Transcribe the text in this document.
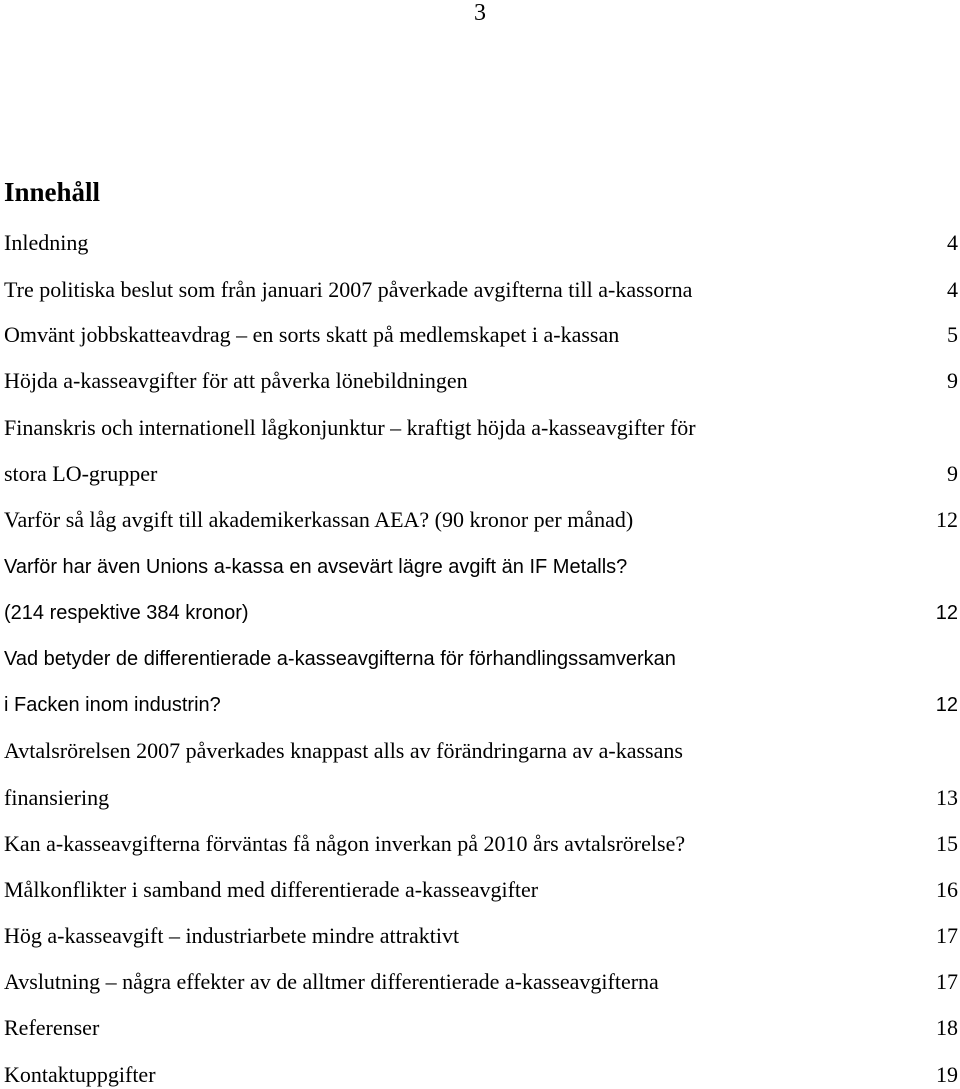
3
Innehåll
Inledning	4
Tre politiska beslut som från januari 2007 påverkade avgifterna till a-kassorna	4
Omvänt jobbskatteavdrag – en sorts skatt på medlemskapet i a-kassan	5
Höjda a-kasseavgifter för att påverka lönebildningen	9
Finanskris och internationell lågkonjunktur – kraftigt höjda a-kasseavgifter för
stora LO-grupper	9
Varför så låg avgift till akademikerkassan AEA? (90 kronor per månad)	12
Varför har även Unions a-kassa en avsevärt lägre avgift än IF Metalls?
(214 respektive 384 kronor)	12
Vad betyder de differentierade a-kasseavgifterna för förhandlingssamverkan
i Facken inom industrin?	12
Avtalsrörelsen 2007 påverkades knappast alls av förändringarna av a-kassans
finansiering	13
Kan a-kasseavgifterna förväntas få någon inverkan på 2010 års avtalsrörelse?	15
Målkonflikter i samband med differentierade a-kasseavgifter	16
Hög a-kasseavgift – industriarbete mindre attraktivt	17
Avslutning – några effekter av de alltmer differentierade a-kasseavgifterna	17
Referenser	18
Kontaktuppgifter	19
